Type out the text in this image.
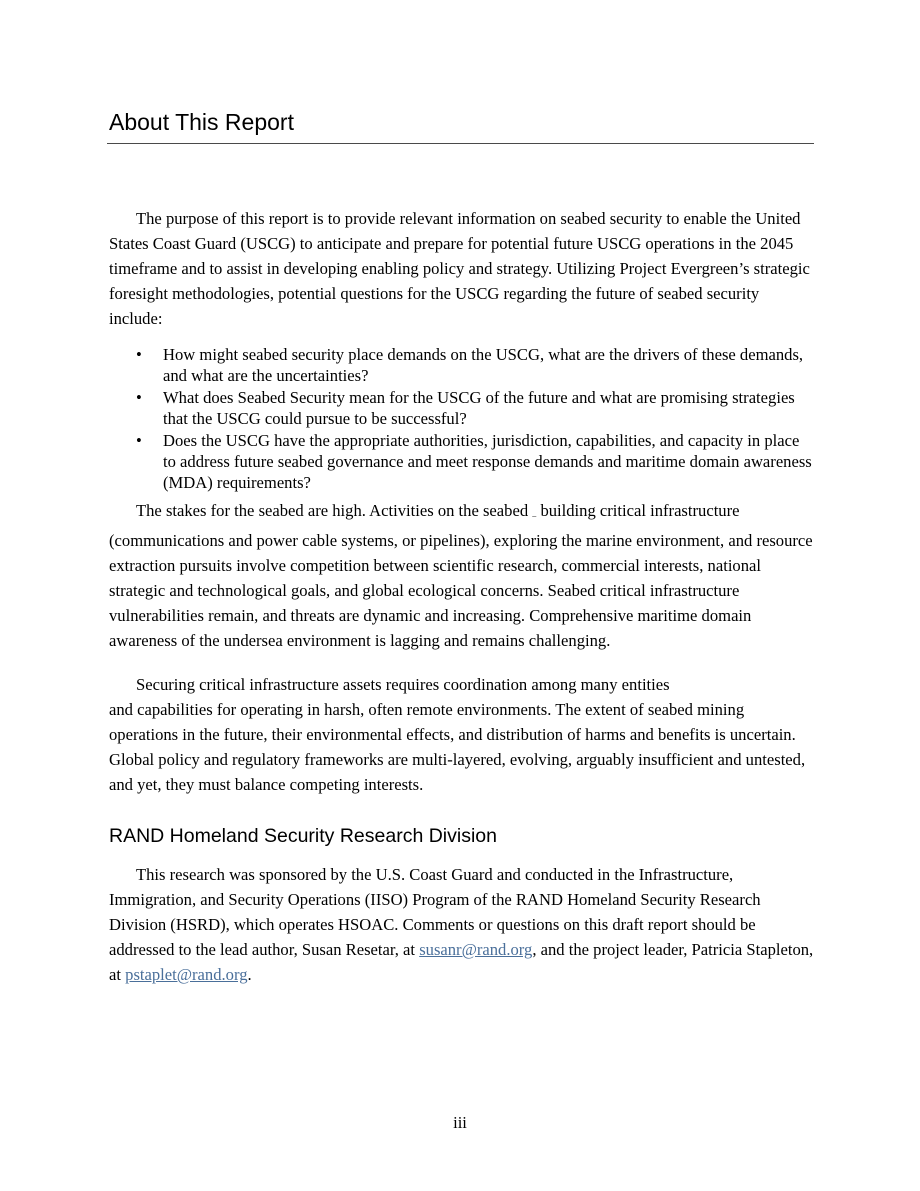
About This Report

The purpose of this report is to provide relevant information on seabed security to enable the United States Coast Guard (USCG) to anticipate and prepare for potential future USCG operations in the 2045 timeframe and to assist in developing enabling policy and strategy. Utilizing Project Evergreen’s strategic foresight methodologies, potential questions for the USCG regarding the future of seabed security include:

• How might seabed security place demands on the USCG, what are the drivers of these demands, and what are the uncertainties?
• What does Seabed Security mean for the USCG of the future and what are promising strategies that the USCG could pursue to be successful?
• Does the USCG have the appropriate authorities, jurisdiction, capabilities, and capacity in place to address future seabed governance and meet response demands and maritime domain awareness (MDA) requirements?

The stakes for the seabed are high. Activities on the seabed – building critical infrastructure (communications and power cable systems, or pipelines), exploring the marine environment, and resource extraction pursuits involve competition between scientific research, commercial interests, national strategic and technological goals, and global ecological concerns. Seabed critical infrastructure vulnerabilities remain, and threats are dynamic and increasing. Comprehensive maritime domain awareness of the undersea environment is lagging and remains challenging.

Securing critical infrastructure assets requires coordination among many entities
and capabilities for operating in harsh, often remote environments. The extent of seabed mining operations in the future, their environmental effects, and distribution of harms and benefits is uncertain. Global policy and regulatory frameworks are multi-layered, evolving, arguably insufficient and untested, and yet, they must balance competing interests.
RAND Homeland Security Research Division

This research was sponsored by the U.S. Coast Guard and conducted in the Infrastructure, Immigration, and Security Operations (IISO) Program of the RAND Homeland Security Research Division (HSRD), which operates HSOAC. Comments or questions on this draft report should be addressed to the lead author, Susan Resetar, at susanr@rand.org, and the project leader, Patricia Stapleton, at pstaplet@rand.org.

iii
